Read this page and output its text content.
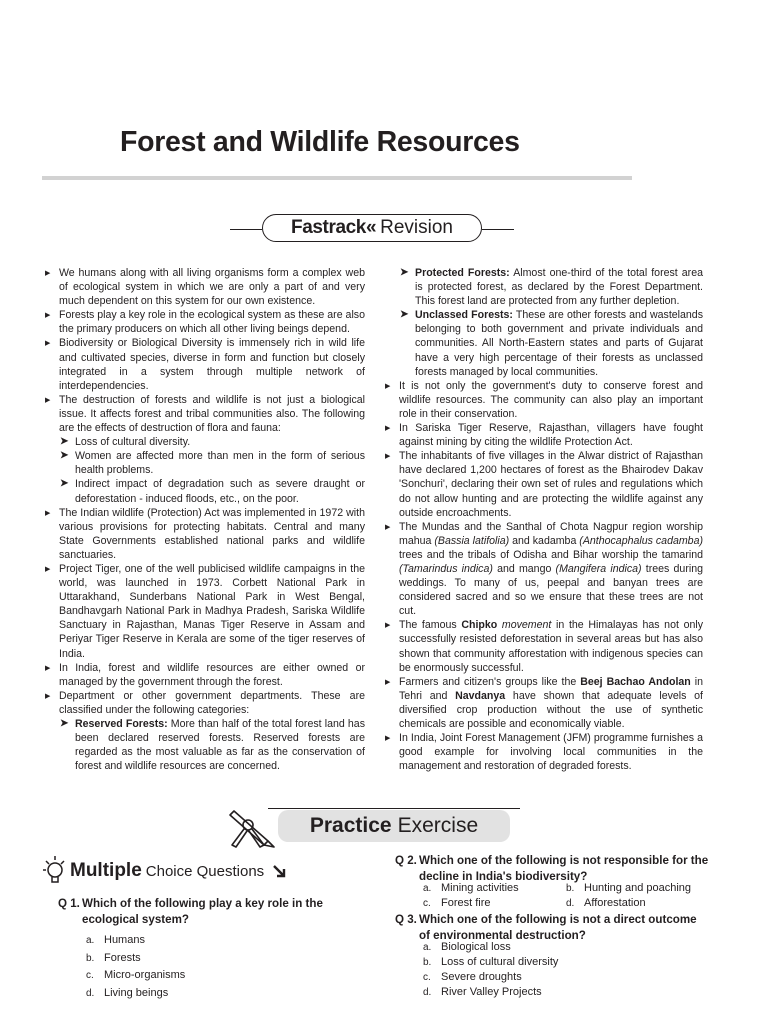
Forest and Wildlife Resources
Fastrack« Revision

▶ We humans along with all living organisms form a complex web of ecological system in which we are only a part of and very much dependent on this system for our own existence.

▶ Forests play a key role in the ecological system as these are also the primary producers on which all other living beings depend.

▶ Biodiversity or Biological Diversity is immensely rich in wild life and cultivated species, diverse in form and function but closely integrated in a system through multiple network of interdependencies.

▶ The destruction of forests and wildlife is not just a biological issue. It affects forest and tribal communities also. The following are the effects of destruction of flora and fauna:

➤ Loss of cultural diversity.

➤ Women are affected more than men in the form of serious health problems.

➤ Indirect impact of degradation such as severe draught or deforestation - induced floods, etc., on the poor.

▶ The Indian wildlife (Protection) Act was implemented in 1972 with various provisions for protecting habitats. Central and many State Governments established national parks and wildlife sanctuaries.

▶ Project Tiger, one of the well publicised wildlife campaigns in the world, was launched in 1973. Corbett National Park in Uttarakhand, Sunderbans National Park in West Bengal, Bandhavgarh National Park in Madhya Pradesh, Sariska Wildlife Sanctuary in Rajasthan, Manas Tiger Reserve in Assam and Periyar Tiger Reserve in Kerala are some of the tiger reserves of India.

▶ In India, forest and wildlife resources are either owned or managed by the government through the forest.

▶ Department or other government departments. These are classified under the following categories:

➤ Reserved Forests: More than half of the total forest land has been declared reserved forests. Reserved forests are regarded as the most valuable as far as the conservation of forest and wildlife resources are concerned.

➤ Protected Forests: Almost one-third of the total forest area is protected forest, as declared by the Forest Department. This forest land are protected from any further depletion.

➤ Unclassed Forests: These are other forests and wastelands belonging to both government and private individuals and communities. All North-Eastern states and parts of Gujarat have a very high percentage of their forests as unclassed forests managed by local communities.

▶ It is not only the government's duty to conserve forest and wildlife resources. The community can also play an important role in their conservation.

▶ In Sariska Tiger Reserve, Rajasthan, villagers have fought against mining by citing the wildlife Protection Act.

▶ The inhabitants of five villages in the Alwar district of Rajasthan have declared 1,200 hectares of forest as the Bhairodev Dakav 'Sonchuri', declaring their own set of rules and regulations which do not allow hunting and are protecting the wildlife against any outside encroachments.

▶ The Mundas and the Santhal of Chota Nagpur region worship mahua (Bassia latifolia) and kadamba (Anthocaphalus cadamba) trees and the tribals of Odisha and Bihar worship the tamarind (Tamarindus indica) and mango (Mangifera indica) trees during weddings. To many of us, peepal and banyan trees are considered sacred and so we ensure that these trees are not cut.

▶ The famous Chipko movement in the Himalayas has not only successfully resisted deforestation in several areas but has also shown that community afforestation with indigenous species can be enormously successful.

▶ Farmers and citizen's groups like the Beej Bachao Andolan in Tehri and Navdanya have shown that adequate levels of diversified crop production without the use of synthetic chemicals are possible and economically viable.

▶ In India, Joint Forest Management (JFM) programme furnishes a good example for involving local communities in the management and restoration of degraded forests.

Practice Exercise
Multiple Choice Questions
Q 1. Which of the following play a key role in the ecological system?
a. Humans
b. Forests
c. Micro-organisms
d. Living beings
Q 2. Which one of the following is not responsible for the decline in India's biodiversity?
a. Mining activities	b. Hunting and poaching
c. Forest fire	d. Afforestation
Q 3. Which one of the following is not a direct outcome of environmental destruction?
a. Biological loss
b. Loss of cultural diversity
c. Severe droughts
d. River Valley Projects
